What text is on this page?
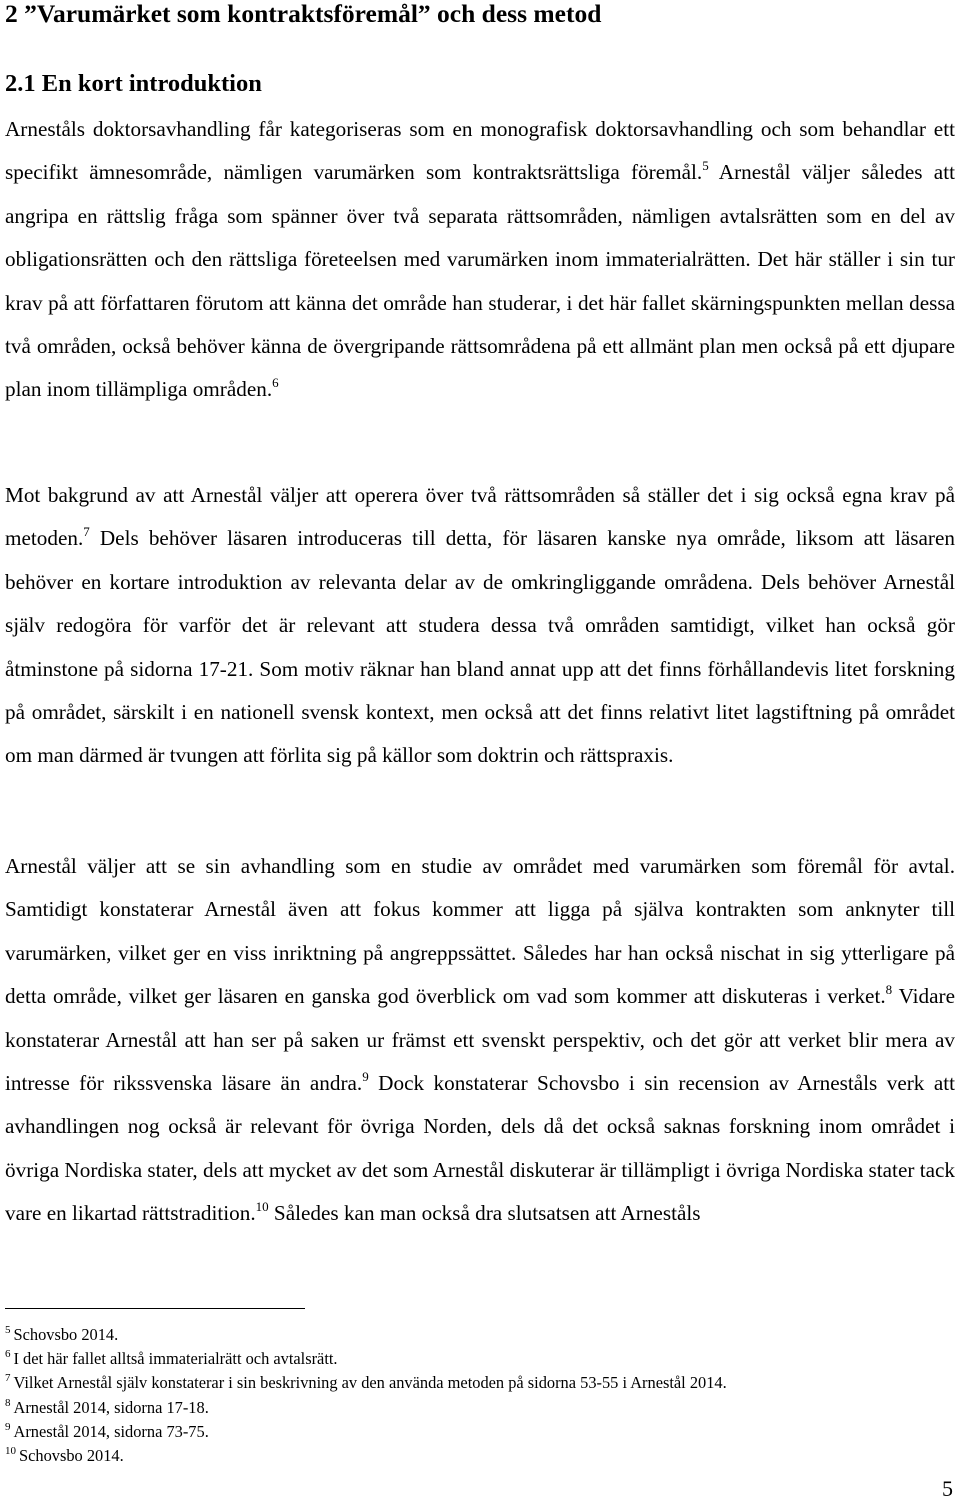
2 ”Varumärket som kontraktsföremål” och dess metod
2.1 En kort introduktion

Arneståls doktorsavhandling får kategoriseras som en monografisk doktorsavhandling och som behandlar ett specifikt ämnesområde, nämligen varumärken som kontraktsrättsliga föremål.$^5$ Arnestål väljer således att angripa en rättslig fråga som spänner över två separata rättsområden, nämligen avtalsrätten som en del av obligationsrätten och den rättsliga företeelsen med varumärken inom immaterialrätten. Det här ställer i sin tur krav på att författaren förutom att känna det område han studerar, i det här fallet skärningspunkten mellan dessa två områden, också behöver känna de övergripande rättsområdena på ett allmänt plan men också på ett djupare plan inom tillämpliga områden.$^6$

Mot bakgrund av att Arnestål väljer att operera över två rättsområden så ställer det i sig också egna krav på metoden.$^7$ Dels behöver läsaren introduceras till detta, för läsaren kanske nya område, liksom att läsaren behöver en kortare introduktion av relevanta delar av de omkringliggande områdena. Dels behöver Arnestål själv redogöra för varför det är relevant att studera dessa två områden samtidigt, vilket han också gör åtminstone på sidorna 17-21. Som motiv räknar han bland annat upp att det finns förhållandevis litet forskning på området, särskilt i en nationell svensk kontext, men också att det finns relativt litet lagstiftning på området om man därmed är tvungen att förlita sig på källor som doktrin och rättspraxis.

Arnestål väljer att se sin avhandling som en studie av området med varumärken som föremål för avtal. Samtidigt konstaterar Arnestål även att fokus kommer att ligga på själva kontrakten som anknyter till varumärken, vilket ger en viss inriktning på angreppssättet. Således har han också nischat in sig ytterligare på detta område, vilket ger läsaren en ganska god överblick om vad som kommer att diskuteras i verket.$^8$ Vidare konstaterar Arnestål att han ser på saken ur främst ett svenskt perspektiv, och det gör att verket blir mera av intresse för rikssvenska läsare än andra.$^9$ Dock konstaterar Schovsbo i sin recension av Arneståls verk att avhandlingen nog också är relevant för övriga Norden, dels då det också saknas forskning inom området i övriga Nordiska stater, dels att mycket av det som Arnestål diskuterar är tillämpligt i övriga Nordiska stater tack vare en likartad rättstradition.$^{10}$ Således kan man också dra slutsatsen att Arneståls

$^5$ Schovsbo 2014.
$^6$ I det här fallet alltså immaterialrätt och avtalsrätt.
$^7$ Vilket Arnestål själv konstaterar i sin beskrivning av den använda metoden på sidorna 53-55 i Arnestål 2014.
$^8$ Arnestål 2014, sidorna 17-18.
$^9$ Arnestål 2014, sidorna 73-75.
$^{10}$ Schovsbo 2014.
5
